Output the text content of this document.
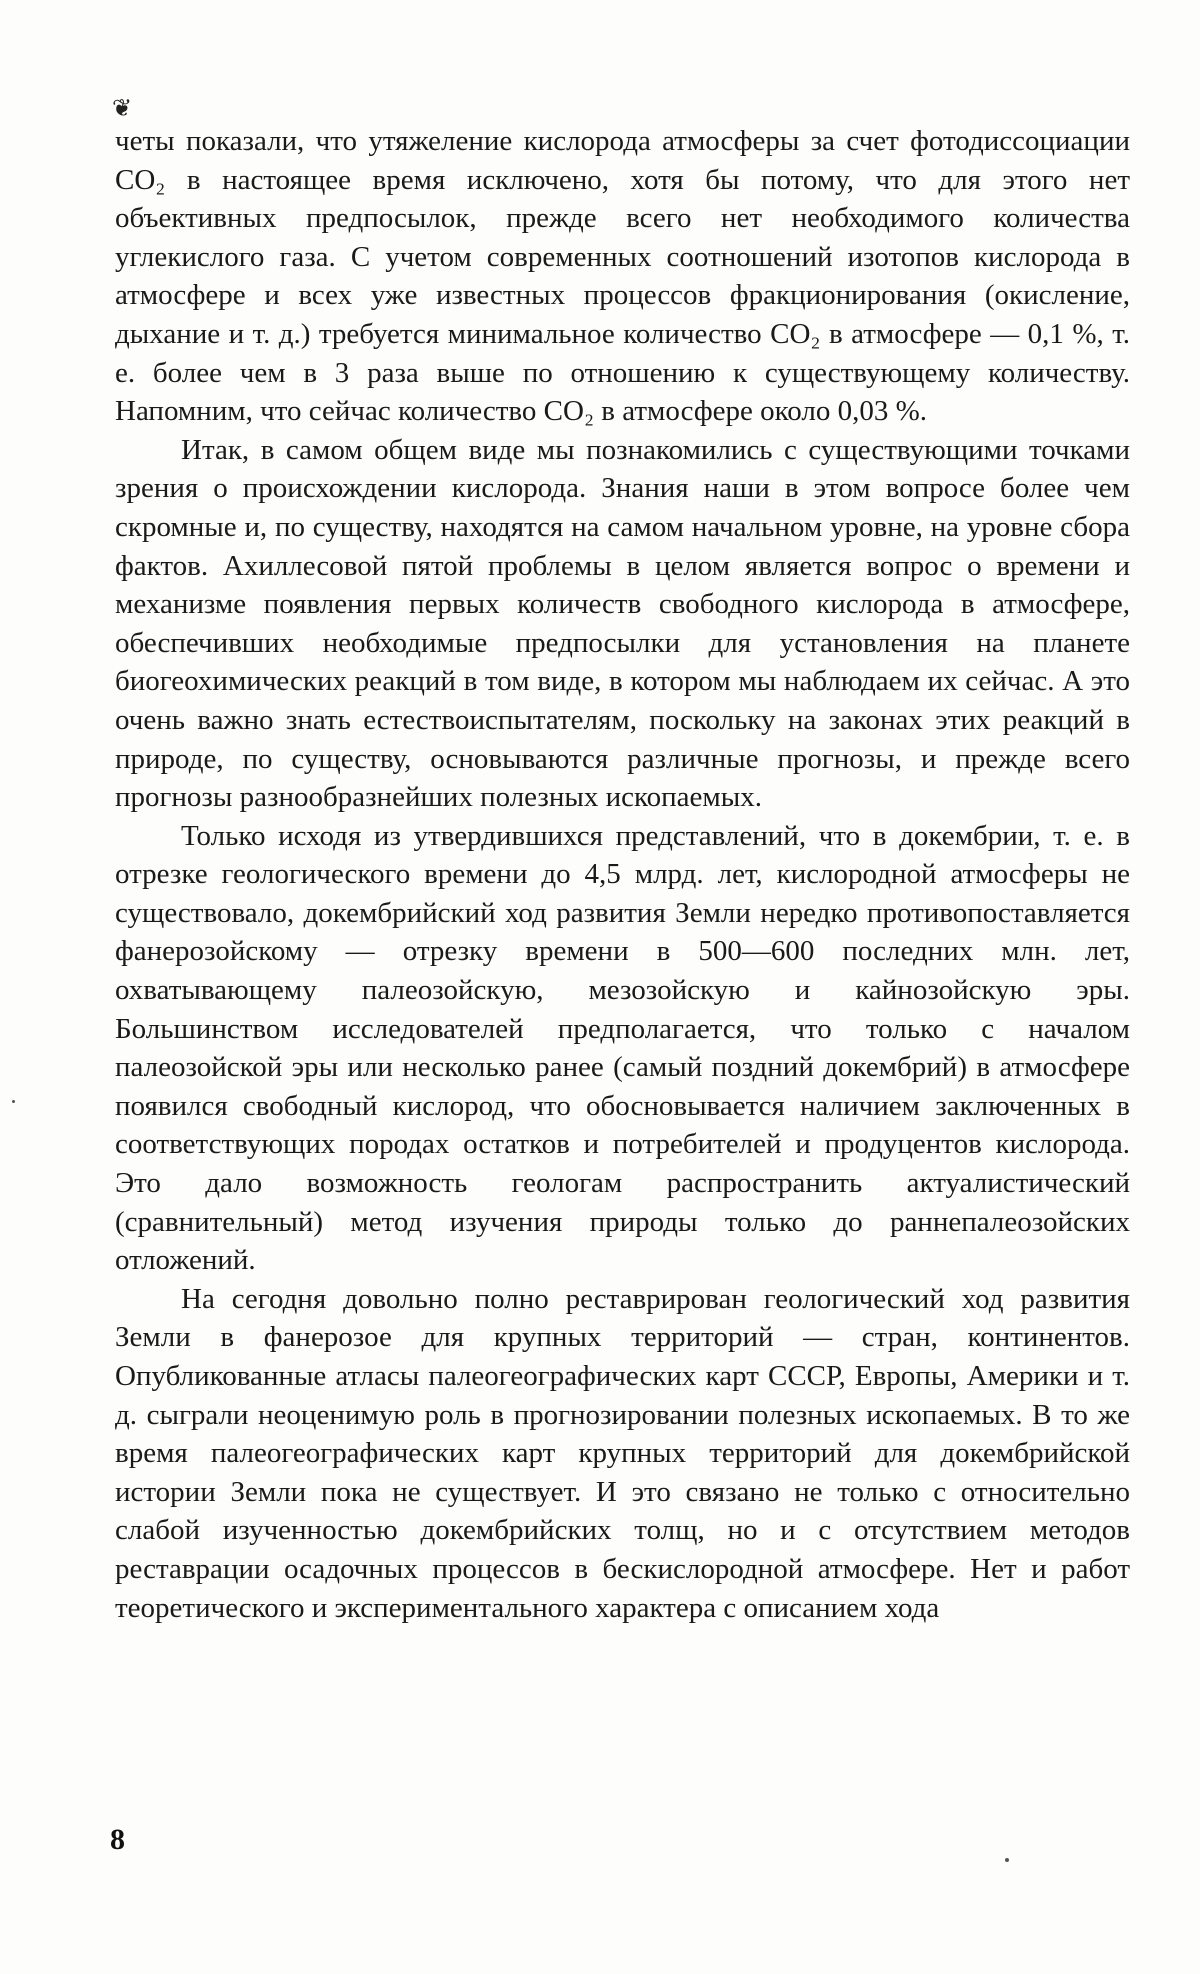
❦

четы показали, что утяжеление кислорода атмосферы за счет фотодиссоциации CO₂ в настоящее время исключено, хотя бы потому, что для этого нет объективных предпосылок, прежде всего нет необходимого количества углекислого газа. С учетом современных соотношений изотопов кислорода в атмосфере и всех уже известных процессов фракционирования (окисление, дыхание и т. д.) требуется минимальное количество CO₂ в атмосфере — 0,1 %, т. е. более чем в 3 раза выше по отношению к существующему количеству. Напомним, что сейчас количество CO₂ в атмосфере около 0,03 %.

Итак, в самом общем виде мы познакомились с существующими точками зрения о происхождении кислорода. Знания наши в этом вопросе более чем скромные и, по существу, находятся на самом начальном уровне, на уровне сбора фактов. Ахиллесовой пятой проблемы в целом является вопрос о времени и механизме появления первых количеств свободного кислорода в атмосфере, обеспечивших необходимые предпосылки для установления на планете биогеохимических реакций в том виде, в котором мы наблюдаем их сейчас. А это очень важно знать естествоиспытателям, поскольку на законах этих реакций в природе, по существу, основываются различные прогнозы, и прежде всего прогнозы разнообразнейших полезных ископаемых.

Только исходя из утвердившихся представлений, что в докембрии, т. е. в отрезке геологического времени до 4,5 млрд. лет, кислородной атмосферы не существовало, докембрийский ход развития Земли нередко противопоставляется фанерозойскому — отрезку времени в 500—600 последних млн. лет, охватывающему палеозойскую, мезозойскую и кайнозойскую эры. Большинством исследователей предполагается, что только с началом палеозойской эры или несколько ранее (самый поздний докембрий) в атмосфере появился свободный кислород, что обосновывается наличием заключенных в соответствующих породах остатков и потребителей и продуцентов кислорода. Это дало возможность геологам распространить актуалистический (сравнительный) метод изучения природы только до раннепалеозойских отложений.

На сегодня довольно полно реставрирован геологический ход развития Земли в фанерозое для крупных территорий — стран, континентов. Опубликованные атласы палеогеографических карт СССР, Европы, Америки и т. д. сыграли неоценимую роль в прогнозировании полезных ископаемых. В то же время палеогеографических карт крупных территорий для докембрийской истории Земли пока не существует. И это связано не только с относительно слабой изученностью докембрийских толщ, но и с отсутствием методов реставрации осадочных процессов в бескислородной атмосфере. Нет и работ теоретического и экспериментального характера с описанием хода

8
